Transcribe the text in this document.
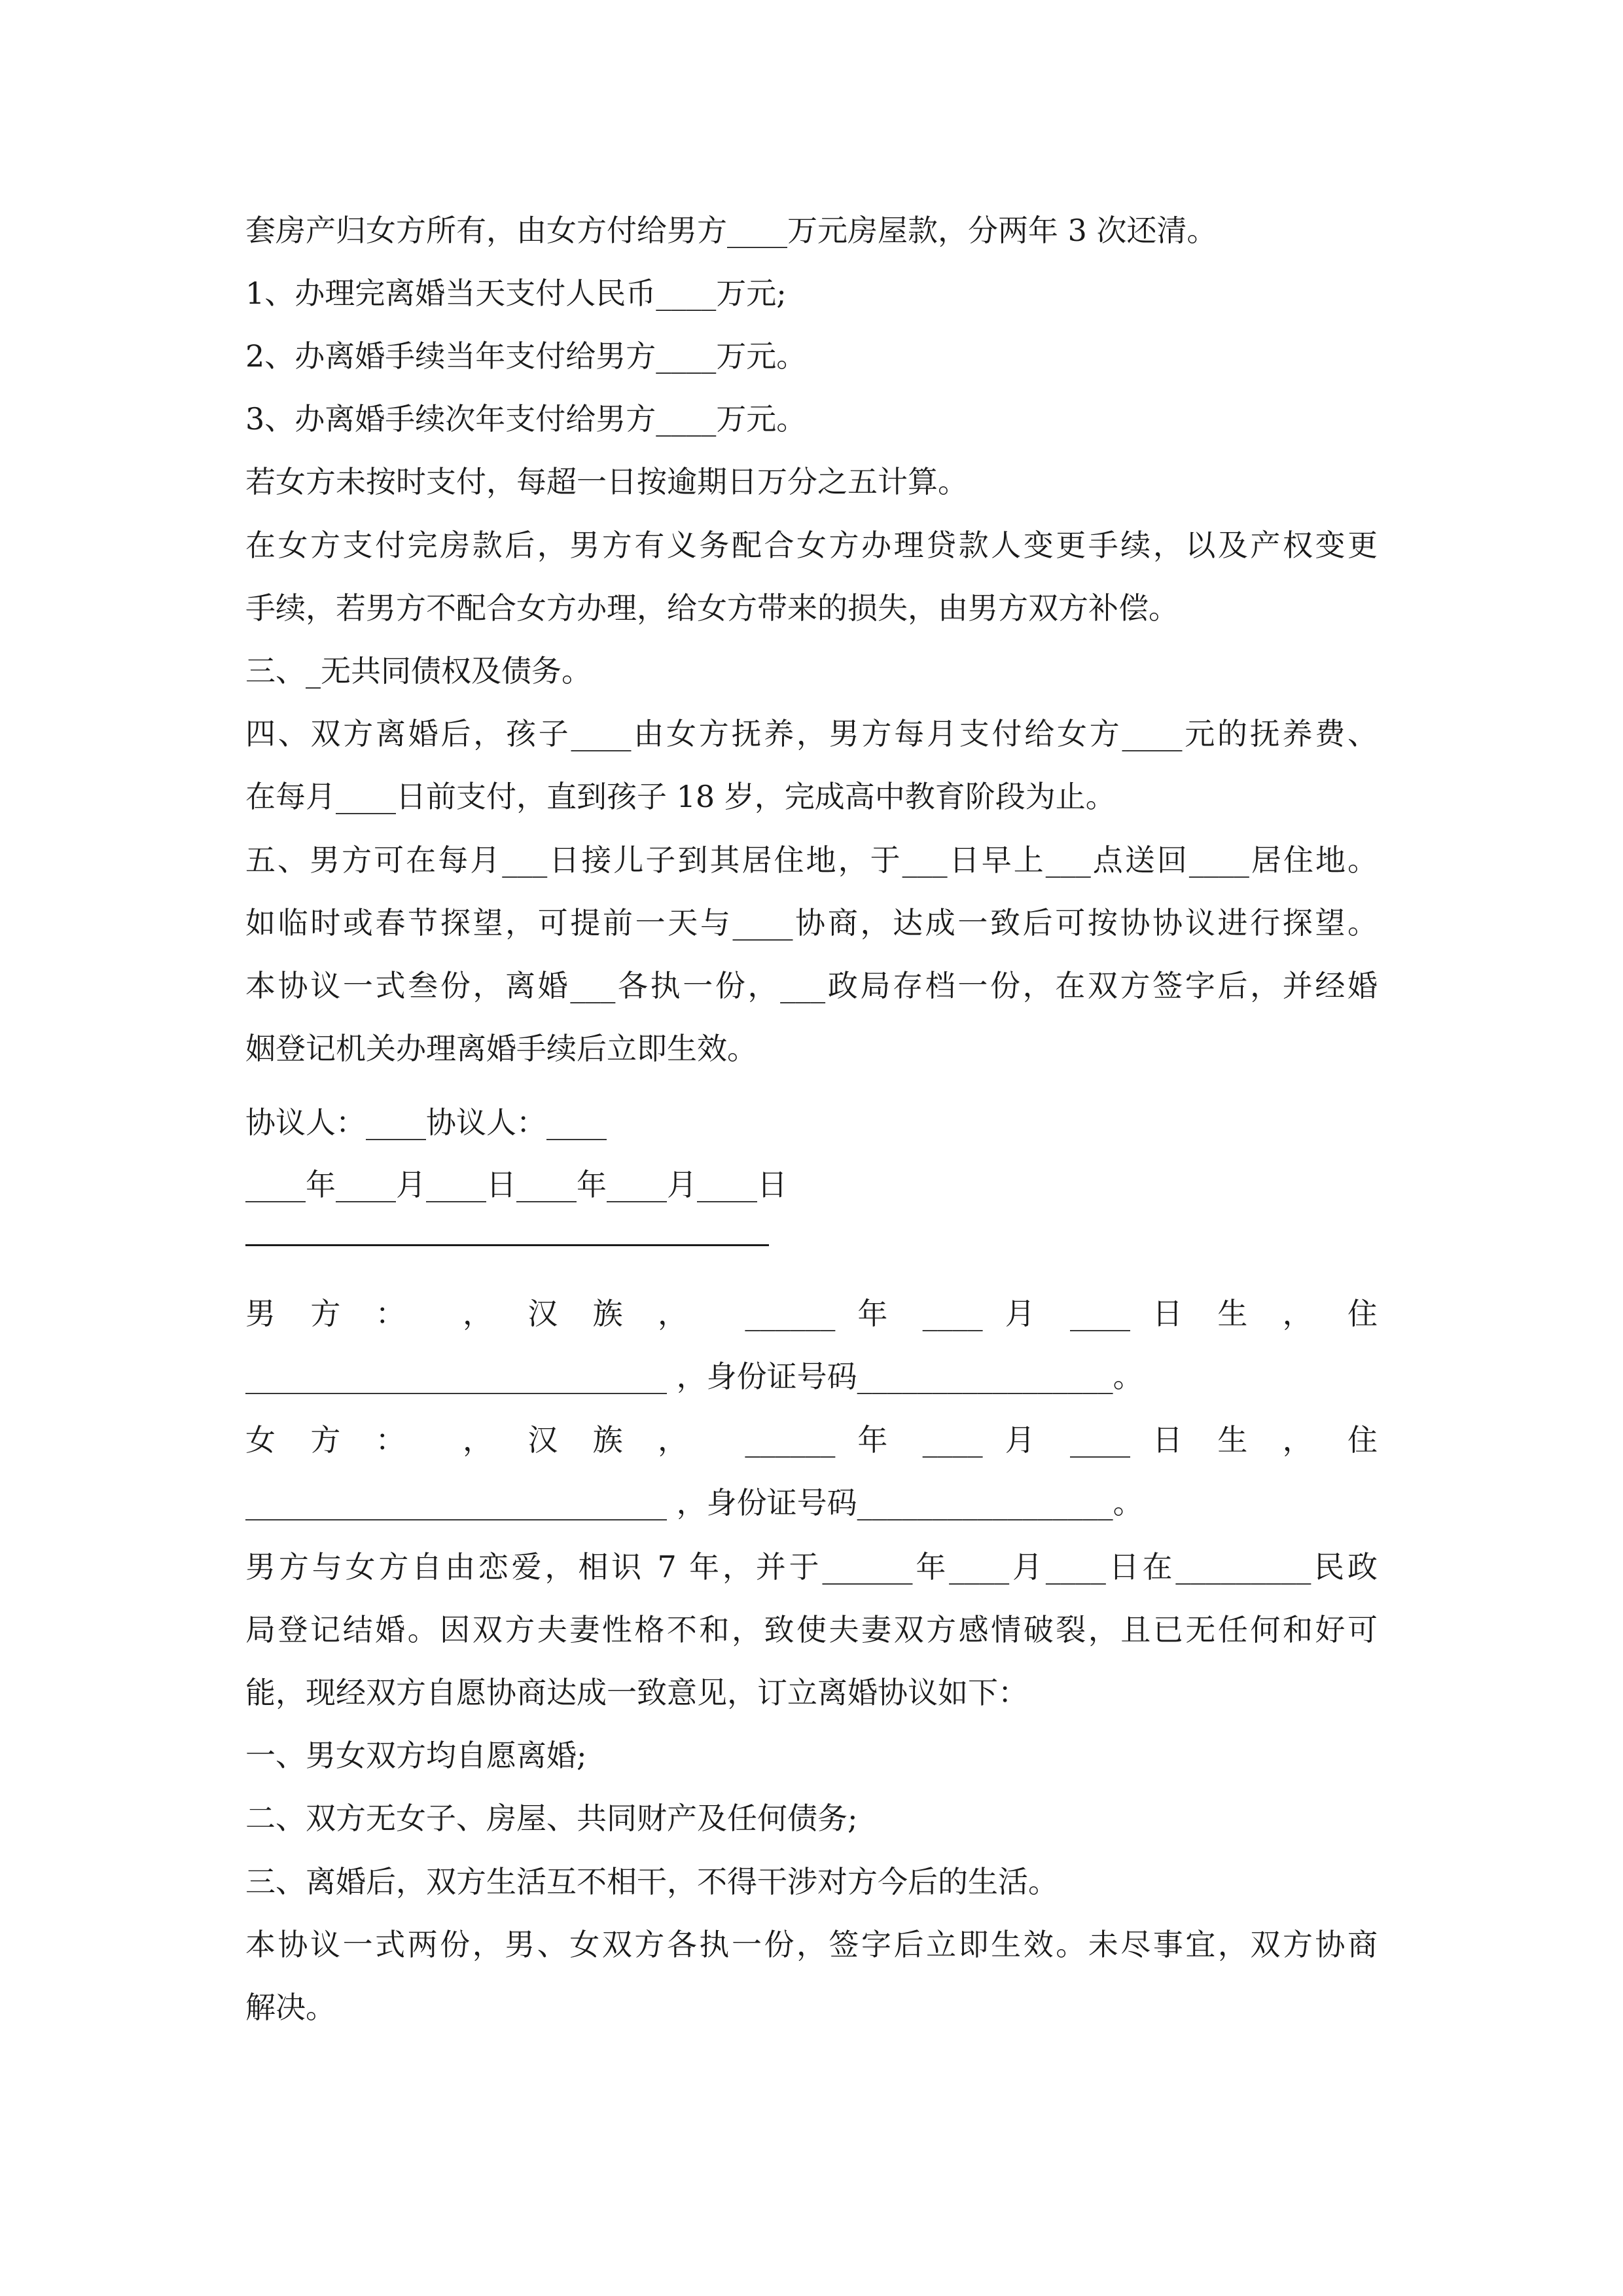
套房产归女方所有，由女方付给男方____万元房屋款，分两年 3 次还清。
1、办理完离婚当天支付人民币____万元;
2、办离婚手续当年支付给男方____万元。
3、办离婚手续次年支付给男方____万元。
若女方未按时支付，每超一日按逾期日万分之五计算。
在女方支付完房款后，男方有义务配合女方办理贷款人变更手续，以及产权变更
手续，若男方不配合女方办理，给女方带来的损失，由男方双方补偿。
三、_无共同债权及债务。
四、双方离婚后，孩子____由女方抚养，男方每月支付给女方____元的抚养费、
在每月____日前支付，直到孩子 18 岁，完成高中教育阶段为止。
五、男方可在每月___日接儿子到其居住地，于___日早上___点送回____居住地。
如临时或春节探望，可提前一天与____协商，达成一致后可按协协议进行探望。
本协议一式叁份，离婚___各执一份，___政局存档一份，在双方签字后，并经婚
姻登记机关办理离婚手续后立即生效。
协议人：____协议人：____
____年____月____日____年____月____日
男 方 ：  ， 汉 族 ，  ______ 年 ____ 月 ____ 日 生 ， 住
____________________________ ，身份证号码_________________。
女 方 ：  ， 汉 族 ，  ______ 年 ____ 月 ____ 日 生 ， 住
____________________________ ，身份证号码_________________。
男方与女方自由恋爱，相识 7 年，并于______年____月____日在_________民政
局登记结婚。因双方夫妻性格不和，致使夫妻双方感情破裂，且已无任何和好可
能，现经双方自愿协商达成一致意见，订立离婚协议如下：
一、男女双方均自愿离婚;
二、双方无女子、房屋、共同财产及任何债务;
三、离婚后，双方生活互不相干，不得干涉对方今后的生活。
本协议一式两份，男、女双方各执一份，签字后立即生效。未尽事宜，双方协商
解决。
